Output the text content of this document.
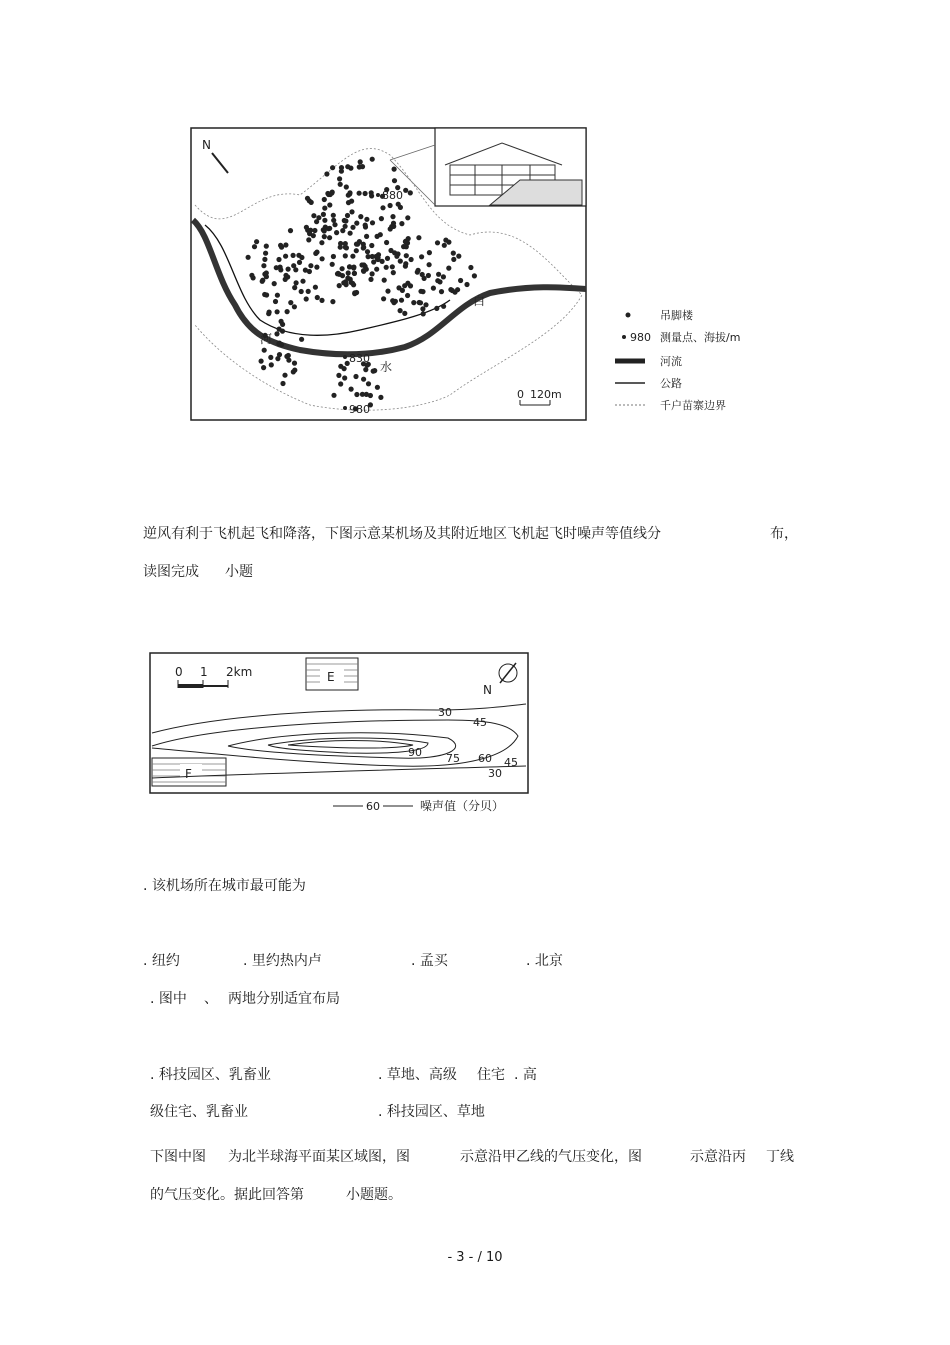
N
880
830
980
白
河
水
吊脚楼
980 测量点、海拔/m
河流
公路
千户苗寨边界
0 120m
逆风有利于飞机起飞和降落，下图示意某机场及其附近地区飞机起飞时噪声等值线分	布，
读图完成 小题
0 1 2km	E
F
N
30
45
90 75 60 45
30
60	噪声值（分贝）
. 该机场所在城市最可能为
. 纽约	. 里约热内卢	. 孟买	. 北京
. 图中 、 两地分别适宜布局
. 科技园区、乳畜业	. 草地、高级 住宅 . 高
级住宅、乳畜业	. 科技园区、草地
下图中图 为北半球海平面某区域图，图	示意沿甲乙线的气压变化，图	示意沿丙 丁线
的气压变化。据此回答第	小题题。
- 3 - / 10
